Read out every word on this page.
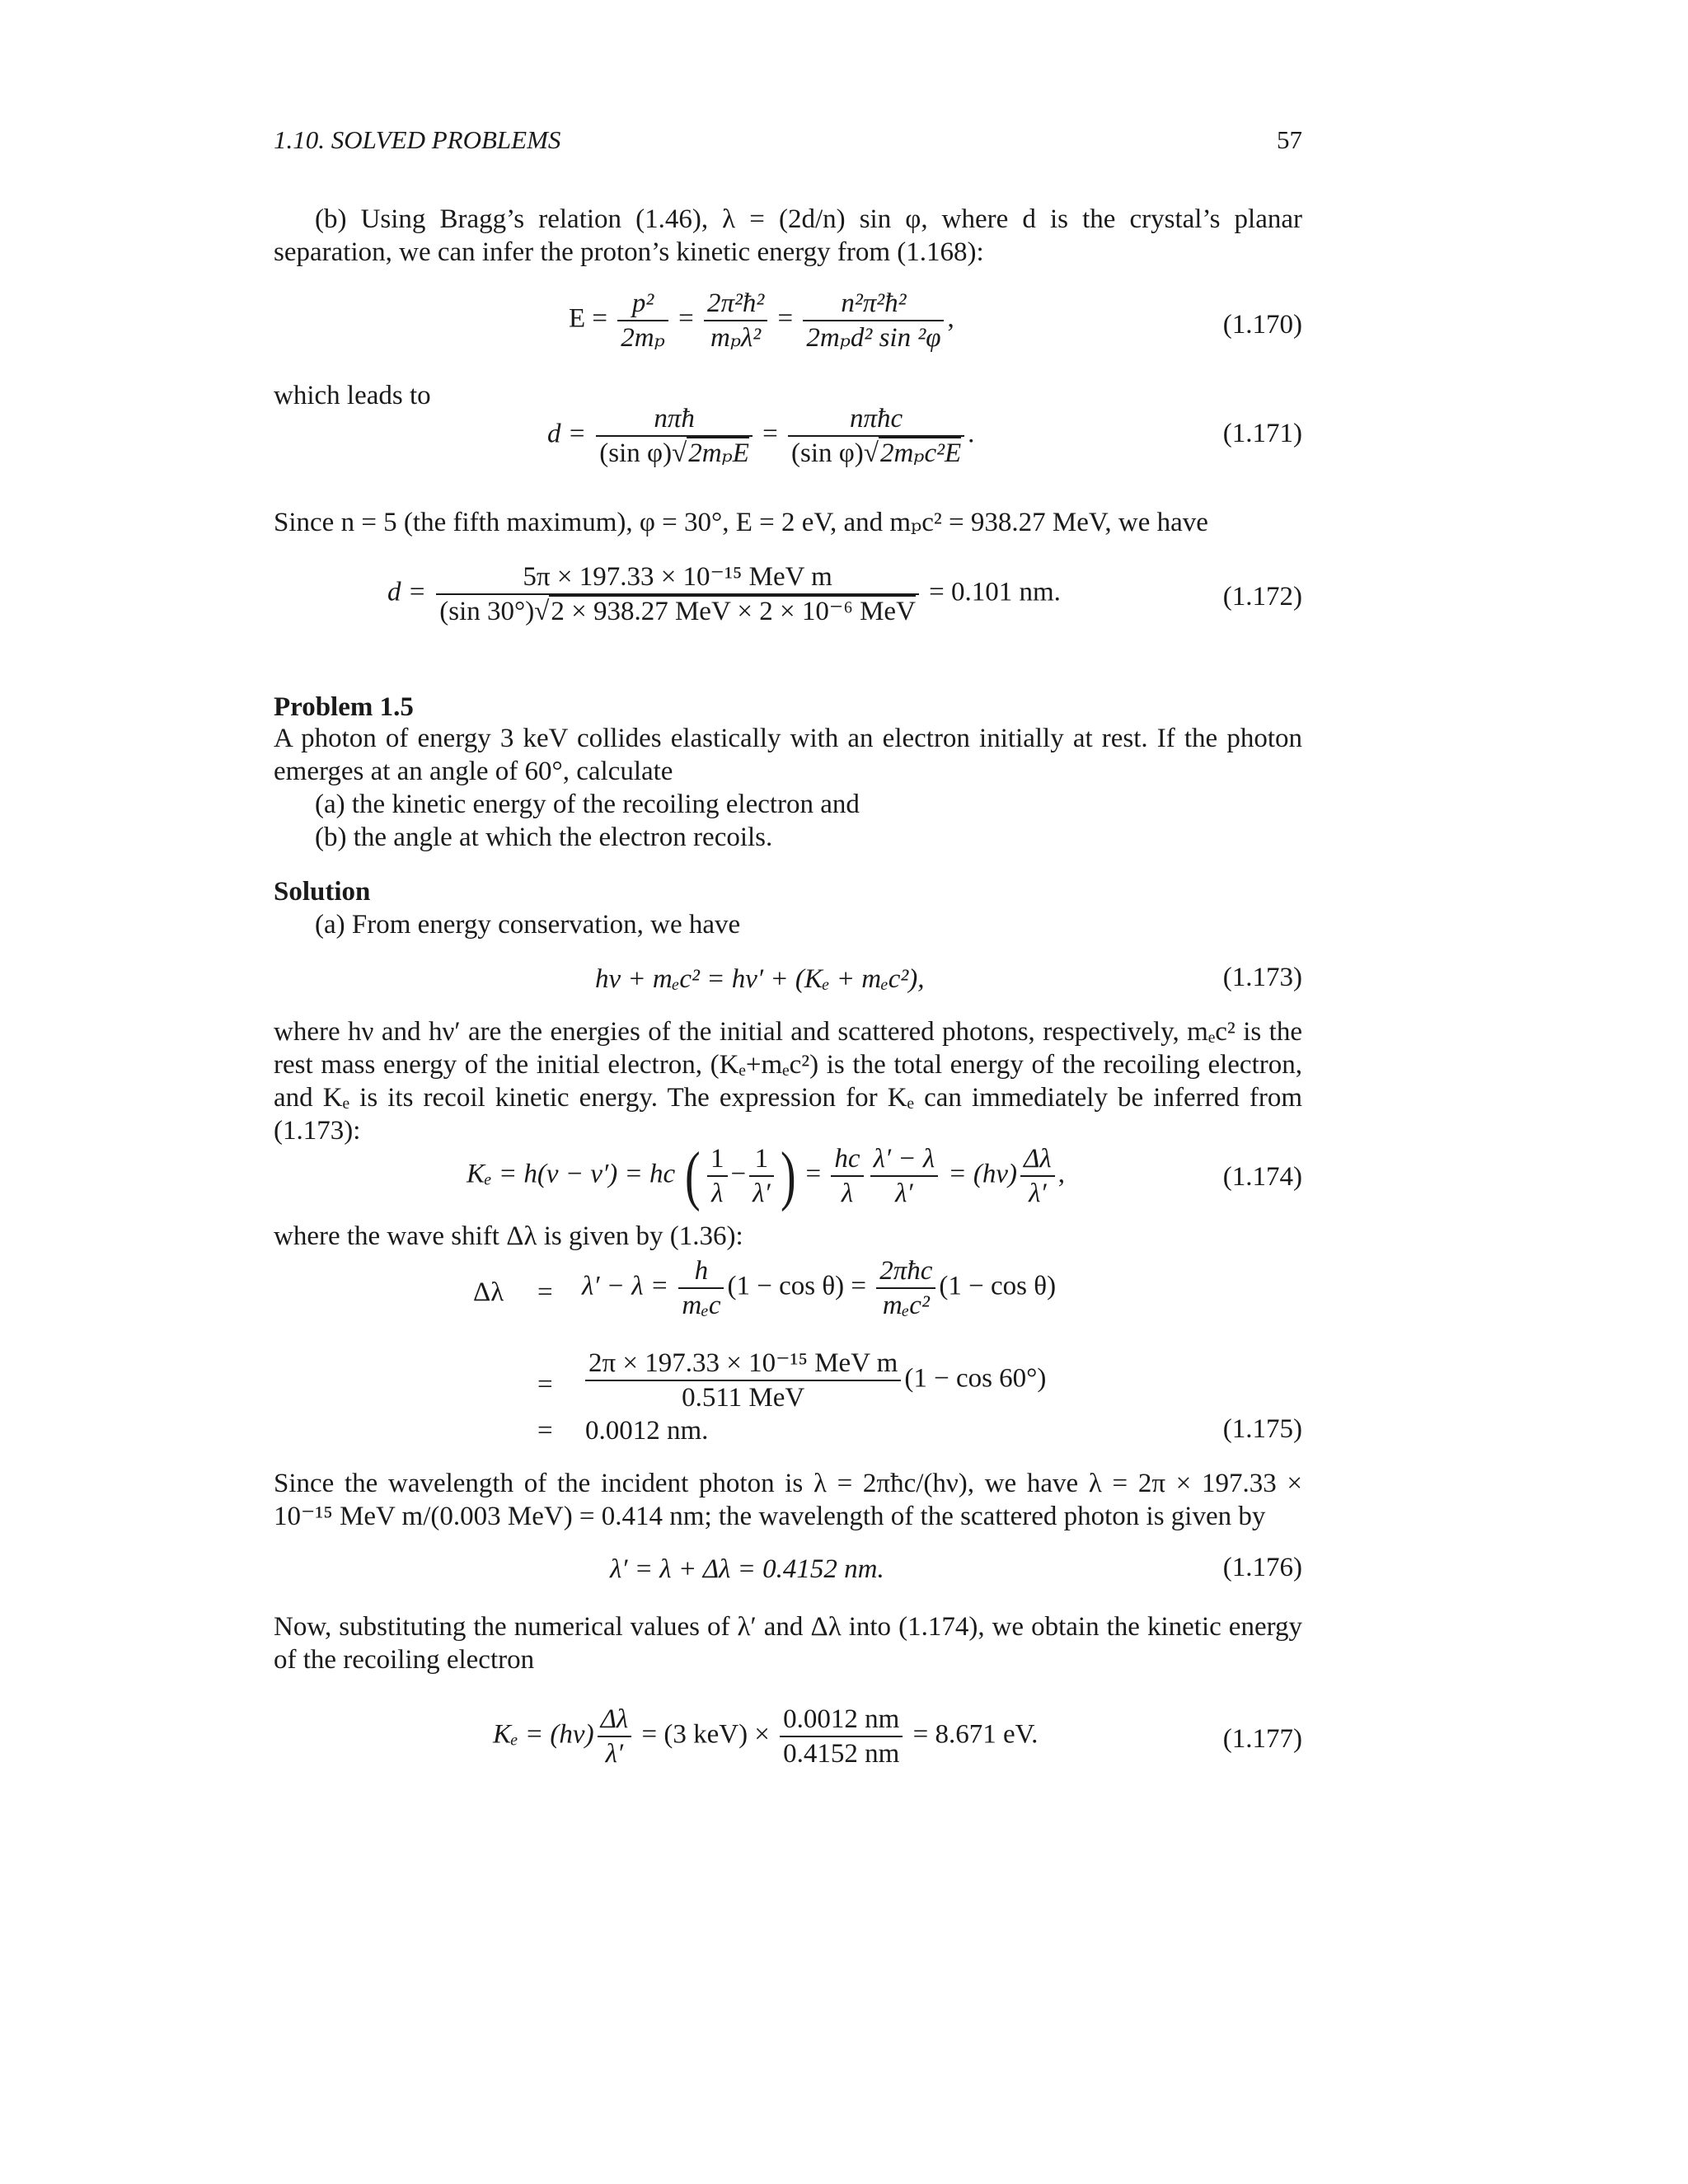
1.10. SOLVED PROBLEMS	57
(b) Using Bragg’s relation (1.46), λ = (2d/n) sin φ, where d is the crystal’s planar separation, we can infer the proton’s kinetic energy from (1.168):
$E = \frac{\text{p²}}{\text{2mₚ}} = \frac{\text{2π²ħ²}}{\text{mₚλ²}} = \frac{\text{n²π²ħ²}}{\text{2mₚd² sin ²φ}}$ ,	(1.170)
which leads to
$d = \frac{\text{nπħ}}{\text{(sin φ)√2mₚE}} = \frac{\text{nπħc}}{\text{(sin φ)√2mₚc²E}}$ .	(1.171)
Since n = 5 (the fifth maximum), φ = 30°, E = 2 eV, and mₚc² = 938.27 MeV, we have
$d = \frac{\text{5π × 197.33 × 10⁻¹⁵ MeV m}}{\text{(sin 30°)√2 × 938.27 MeV × 2 × 10⁻⁶ MeV}} = 0.101$ nm.	(1.172)
Problem 1.5
A photon of energy 3 keV collides elastically with an electron initially at rest. If the photon emerges at an angle of 60°, calculate
(a) the kinetic energy of the recoiling electron and
(b) the angle at which the electron recoils.
Solution
(a) From energy conservation, we have
hν + mₑc² = hν′ + (Kₑ + mₑc²),	(1.173)
where hν and hν′ are the energies of the initial and scattered photons, respectively, mₑc² is the rest mass energy of the initial electron, (Kₑ+mₑc²) is the total energy of the recoiling electron, and Kₑ is its recoil kinetic energy. The expression for Kₑ can immediately be inferred from (1.173):
Kₑ = h(ν − ν′) = hc ( $\frac{1}{\lambda} - \frac{1}{\lambda'}$ ) = $\frac{hc}{\lambda} \frac{\lambda' - \lambda}{\lambda'} = (h\nu) \frac{\Delta\lambda}{\lambda'}$ ,	(1.174)
where the wave shift Δλ is given by (1.36):
$\Delta\lambda = \lambda' - \lambda = \frac{h}{\text{mₑc}} (1 - \cos \theta) = \frac{\text{2πħc}}{\text{mₑc²}} (1 - \cos \theta)$
= $\frac{\text{2π × 197.33 × 10⁻¹⁵ MeV m}}{\text{0.511 MeV}} (1 - \cos 60^\circ)$
= 0.0012 nm.	(1.175)
Since the wavelength of the incident photon is λ = 2πħc/(hν), we have λ = 2π × 197.33 × 10⁻¹⁵ MeV m/(0.003 MeV) = 0.414 nm; the wavelength of the scattered photon is given by
λ′ = λ + Δλ = 0.4152 nm.	(1.176)
Now, substituting the numerical values of λ′ and Δλ into (1.174), we obtain the kinetic energy of the recoiling electron
$K_e = (h\nu) \frac{\Delta\lambda}{\lambda'} = (3$ $keV) \times \frac{0.0012 nm}{0.4152 nm} = 8.671$ eV.	(1.177)
